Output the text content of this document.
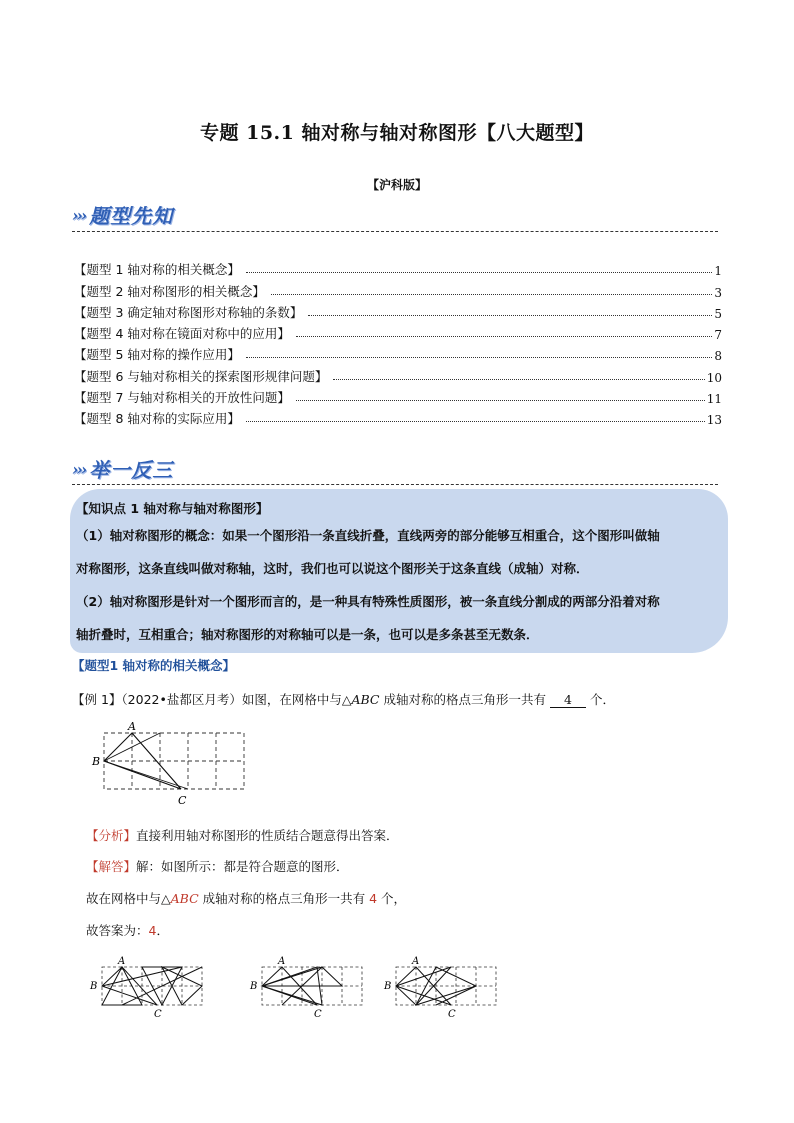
专题 15.1 轴对称与轴对称图形【八大题型】
【沪科版】
››› 题型先知
【题型 1 轴对称的相关概念】	1
【题型 2 轴对称图形的相关概念】	3
【题型 3 确定轴对称图形对称轴的条数】	5
【题型 4 轴对称在镜面对称中的应用】	7
【题型 5 轴对称的操作应用】	8
【题型 6 与轴对称相关的探索图形规律问题】	10
【题型 7 与轴对称相关的开放性问题】	11
【题型 8 轴对称的实际应用】	13
››› 举一反三
【知识点 1 轴对称与轴对称图形】
（1）轴对称图形的概念：如果一个图形沿一条直线折叠，直线两旁的部分能够互相重合，这个图形叫做轴
对称图形，这条直线叫做对称轴，这时，我们也可以说这个图形关于这条直线（成轴）对称．
（2）轴对称图形是针对一个图形而言的，是一种具有特殊性质图形，被一条直线分割成的两部分沿着对称
轴折叠时，互相重合；轴对称图形的对称轴可以是一条，也可以是多条甚至无数条．
【题型1 轴对称的相关概念】
【例 1】（2022•盐都区月考）如图，在网格中与△ABC 成轴对称的格点三角形一共有 4 个．
A
B
C
【分析】直接利用轴对称图形的性质结合题意得出答案．
【解答】解：如图所示：都是符合题意的图形．
故在网格中与△ABC 成轴对称的格点三角形一共有 4 个，
故答案为：4．
A
B
C
A
B
C
A
B
C
